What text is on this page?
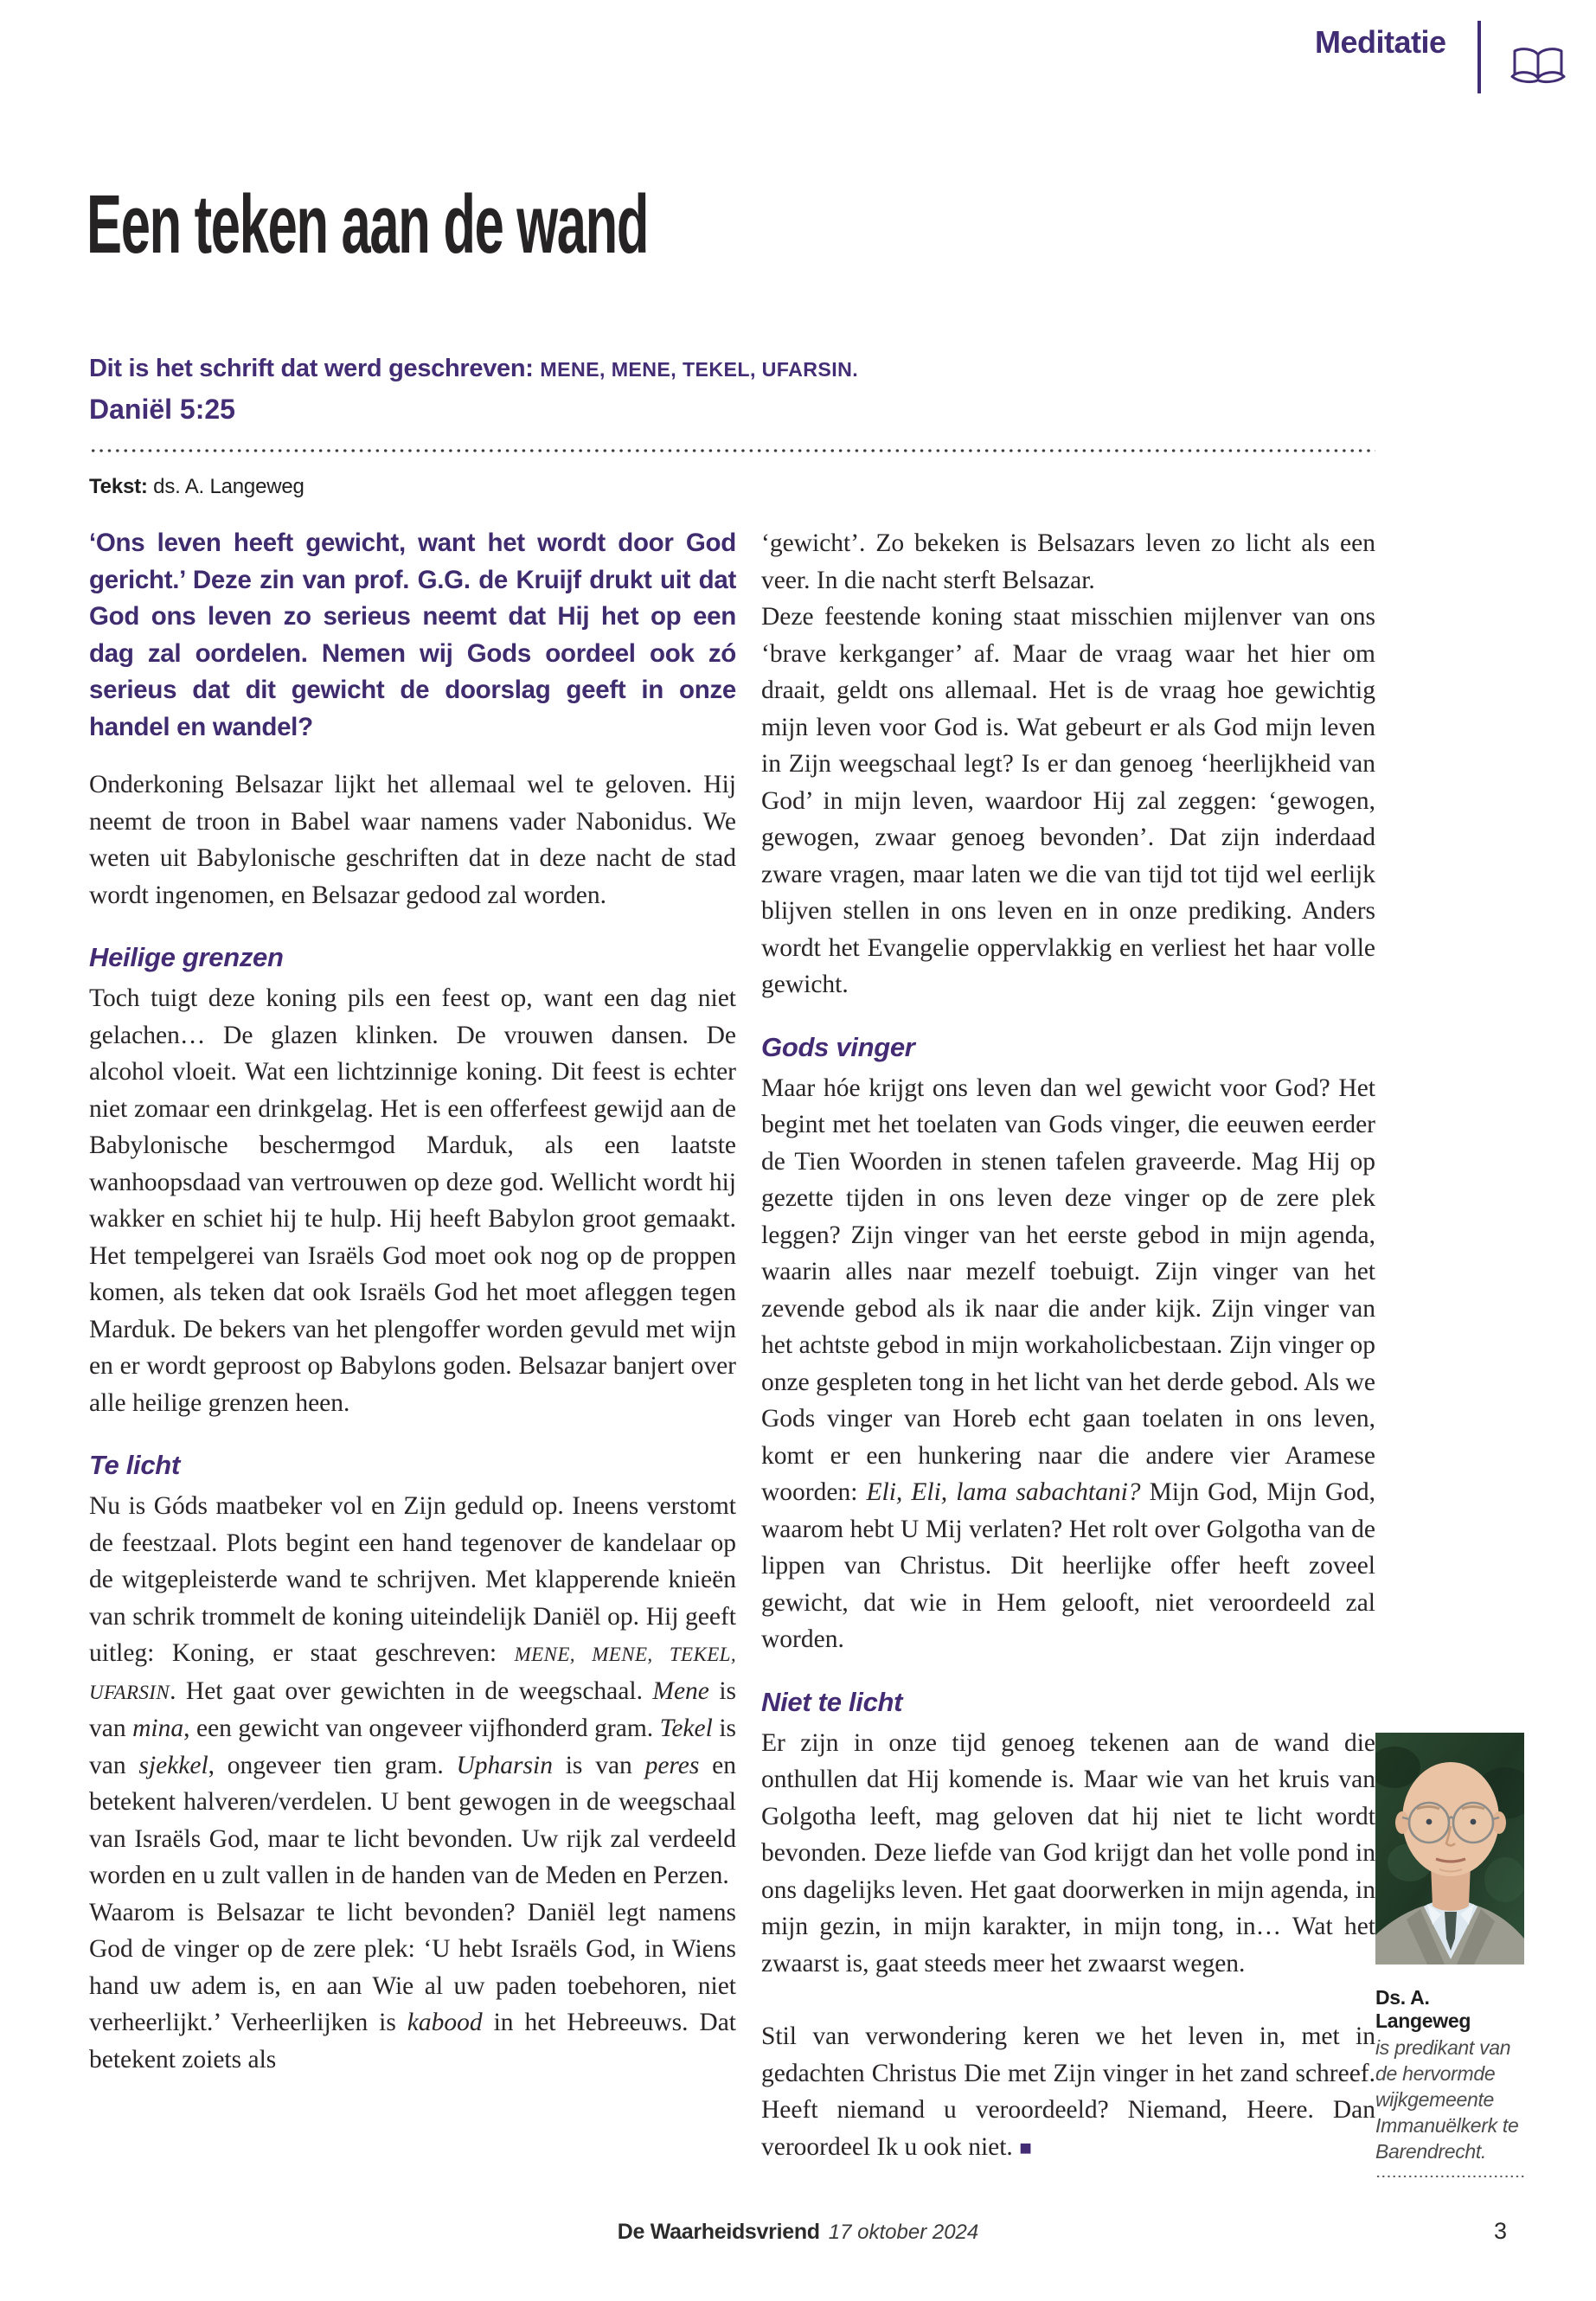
Meditatie
Een teken aan de wand

Dit is het schrift dat werd geschreven: MENE, MENE, TEKEL, UFARSIN.

Daniël 5:25

Tekst: ds. A. Langeweg

‘Ons leven heeft gewicht, want het wordt door God gericht.’ Deze zin van prof. G.G. de Kruijf drukt uit dat God ons leven zo serieus neemt dat Hij het op een dag zal oordelen. Nemen wij Gods oordeel ook zó serieus dat dit gewicht de doorslag geeft in onze handel en wandel?

Onderkoning Belsazar lijkt het allemaal wel te geloven. Hij neemt de troon in Babel waar namens vader Nabonidus. We weten uit Babylonische geschriften dat in deze nacht de stad wordt ingenomen, en Belsazar gedood zal worden.

Heilige grenzen

Toch tuigt deze koning pils een feest op, want een dag niet gelachen… De glazen klinken. De vrouwen dansen. De alcohol vloeit. Wat een lichtzinnige koning. Dit feest is echter niet zomaar een drinkgelag. Het is een offerfeest gewijd aan de Babylonische beschermgod Marduk, als een laatste wanhoopsdaad van vertrouwen op deze god. Wellicht wordt hij wakker en schiet hij te hulp. Hij heeft Babylon groot gemaakt. Het tempelgerei van Israëls God moet ook nog op de proppen komen, als teken dat ook Israëls God het moet afleggen tegen Marduk. De bekers van het plengoffer worden gevuld met wijn en er wordt geproost op Babylons goden. Belsazar banjert over alle heilige grenzen heen.

Te licht

Nu is Góds maatbeker vol en Zijn geduld op. Ineens verstomt de feestzaal. Plots begint een hand tegenover de kandelaar op de witgepleisterde wand te schrijven. Met klapperende knieën van schrik trommelt de koning uiteindelijk Daniël op. Hij geeft uitleg: Koning, er staat geschreven: MENE, MENE, TEKEL, UFARSIN. Het gaat over gewichten in de weegschaal. Mene is van mina, een gewicht van ongeveer vijfhonderd gram. Tekel is van sjekkel, ongeveer tien gram. Upharsin is van peres en betekent halveren/verdelen. U bent gewogen in de weegschaal van Israëls God, maar te licht bevonden. Uw rijk zal verdeeld worden en u zult vallen in de handen van de Meden en Perzen.

Waarom is Belsazar te licht bevonden? Daniël legt namens God de vinger op de zere plek: ‘U hebt Israëls God, in Wiens hand uw adem is, en aan Wie al uw paden toebehoren, niet verheerlijkt.’ Verheerlijken is kabood in het Hebreeuws. Dat betekent zoiets als

‘gewicht’. Zo bekeken is Belsazars leven zo licht als een veer. In die nacht sterft Belsazar.

Deze feestende koning staat misschien mijlenver van ons ‘brave kerkganger’ af. Maar de vraag waar het hier om draait, geldt ons allemaal. Het is de vraag hoe gewichtig mijn leven voor God is. Wat gebeurt er als God mijn leven in Zijn weegschaal legt? Is er dan genoeg ‘heerlijkheid van God’ in mijn leven, waardoor Hij zal zeggen: ‘gewogen, gewogen, zwaar genoeg bevonden’. Dat zijn inderdaad zware vragen, maar laten we die van tijd tot tijd wel eerlijk blijven stellen in ons leven en in onze prediking. Anders wordt het Evangelie oppervlakkig en verliest het haar volle gewicht.

Gods vinger

Maar hóe krijgt ons leven dan wel gewicht voor God? Het begint met het toelaten van Gods vinger, die eeuwen eerder de Tien Woorden in stenen tafelen graveerde. Mag Hij op gezette tijden in ons leven deze vinger op de zere plek leggen? Zijn vinger van het eerste gebod in mijn agenda, waarin alles naar mezelf toebuigt. Zijn vinger van het zevende gebod als ik naar die ander kijk. Zijn vinger van het achtste gebod in mijn workaholicbestaan. Zijn vinger op onze gespleten tong in het licht van het derde gebod. Als we Gods vinger van Horeb echt gaan toelaten in ons leven, komt er een hunkering naar die andere vier Aramese woorden: Eli, Eli, lama sabachtani? Mijn God, Mijn God, waarom hebt U Mij verlaten? Het rolt over Golgotha van de lippen van Christus. Dit heerlijke offer heeft zoveel gewicht, dat wie in Hem gelooft, niet veroordeeld zal worden.

Niet te licht

Er zijn in onze tijd genoeg tekenen aan de wand die onthullen dat Hij komende is. Maar wie van het kruis van Golgotha leeft, mag geloven dat hij niet te licht wordt bevonden. Deze liefde van God krijgt dan het volle pond in ons dagelijks leven. Het gaat doorwerken in mijn agenda, in mijn gezin, in mijn karakter, in mijn tong, in… Wat het zwaarst is, gaat steeds meer het zwaarst wegen.

Stil van verwondering keren we het leven in, met in gedachten Christus Die met Zijn vinger in het zand schreef. Heeft niemand u veroordeeld? Niemand, Heere. Dan veroordeel Ik u ook niet. ■

Ds. A. Langeweg
is predikant van de hervormde wijkgemeente Immanuëlkerk te Barendrecht.
De Waarheidsvriend 17 oktober 2024	3
